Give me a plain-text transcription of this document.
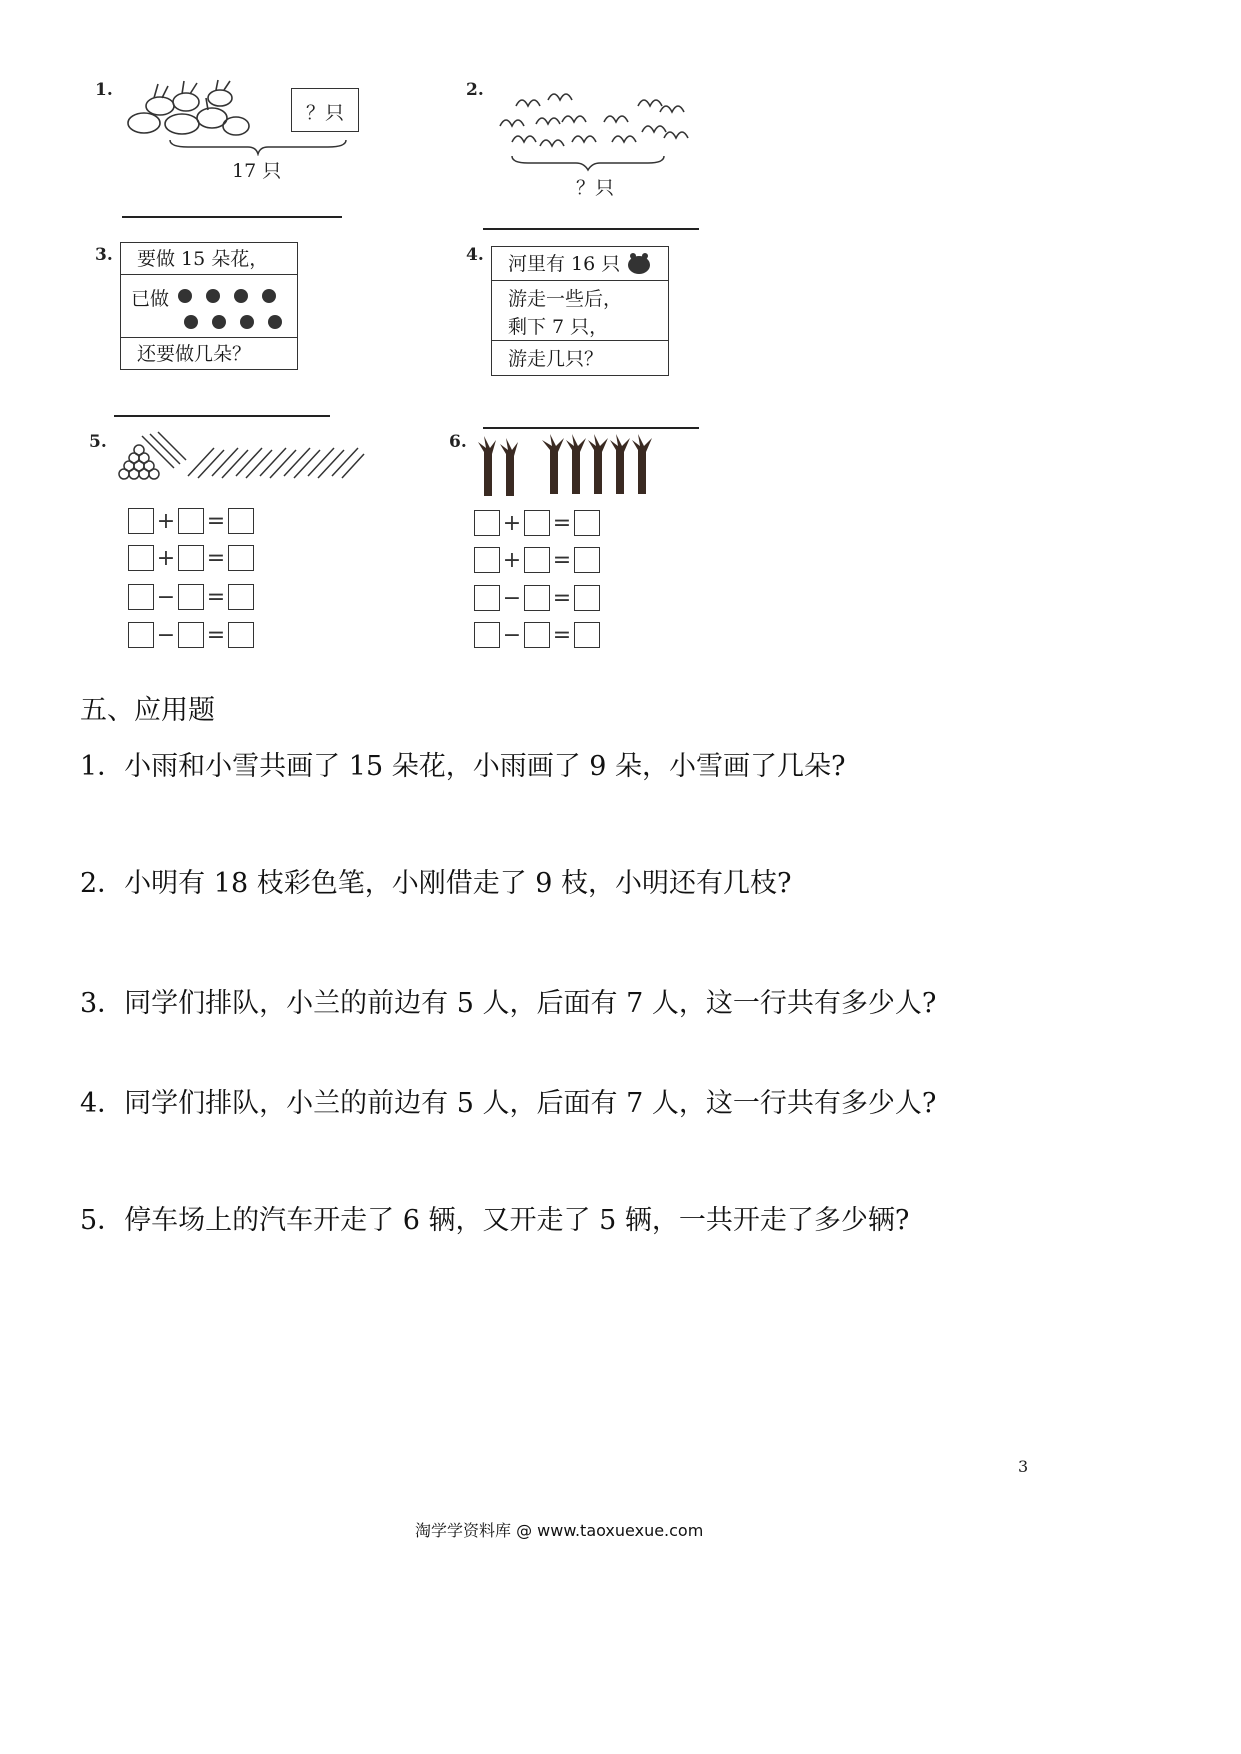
1.
？只
17 只
2.
？只
3.	要做 15 朵花，
已做
还要做几朵？
4.	河里有 16 只
游走一些后，
剩下 7 只，
游走几只？
5.
+ =
+ =
− =
− =
6.
+ =
+ =
− =
− =
五、应用题
1．小雨和小雪共画了 15 朵花，小雨画了 9 朵，小雪画了几朵?
2．小明有 18 枝彩色笔，小刚借走了 9 枝，小明还有几枝?
3．同学们排队，小兰的前边有 5 人，后面有 7 人，这一行共有多少人?
4．同学们排队，小兰的前边有 5 人，后面有 7 人，这一行共有多少人?
5．停车场上的汽车开走了 6 辆，又开走了 5 辆，一共开走了多少辆?
3
淘学学资料库 @ www.taoxuexue.com
